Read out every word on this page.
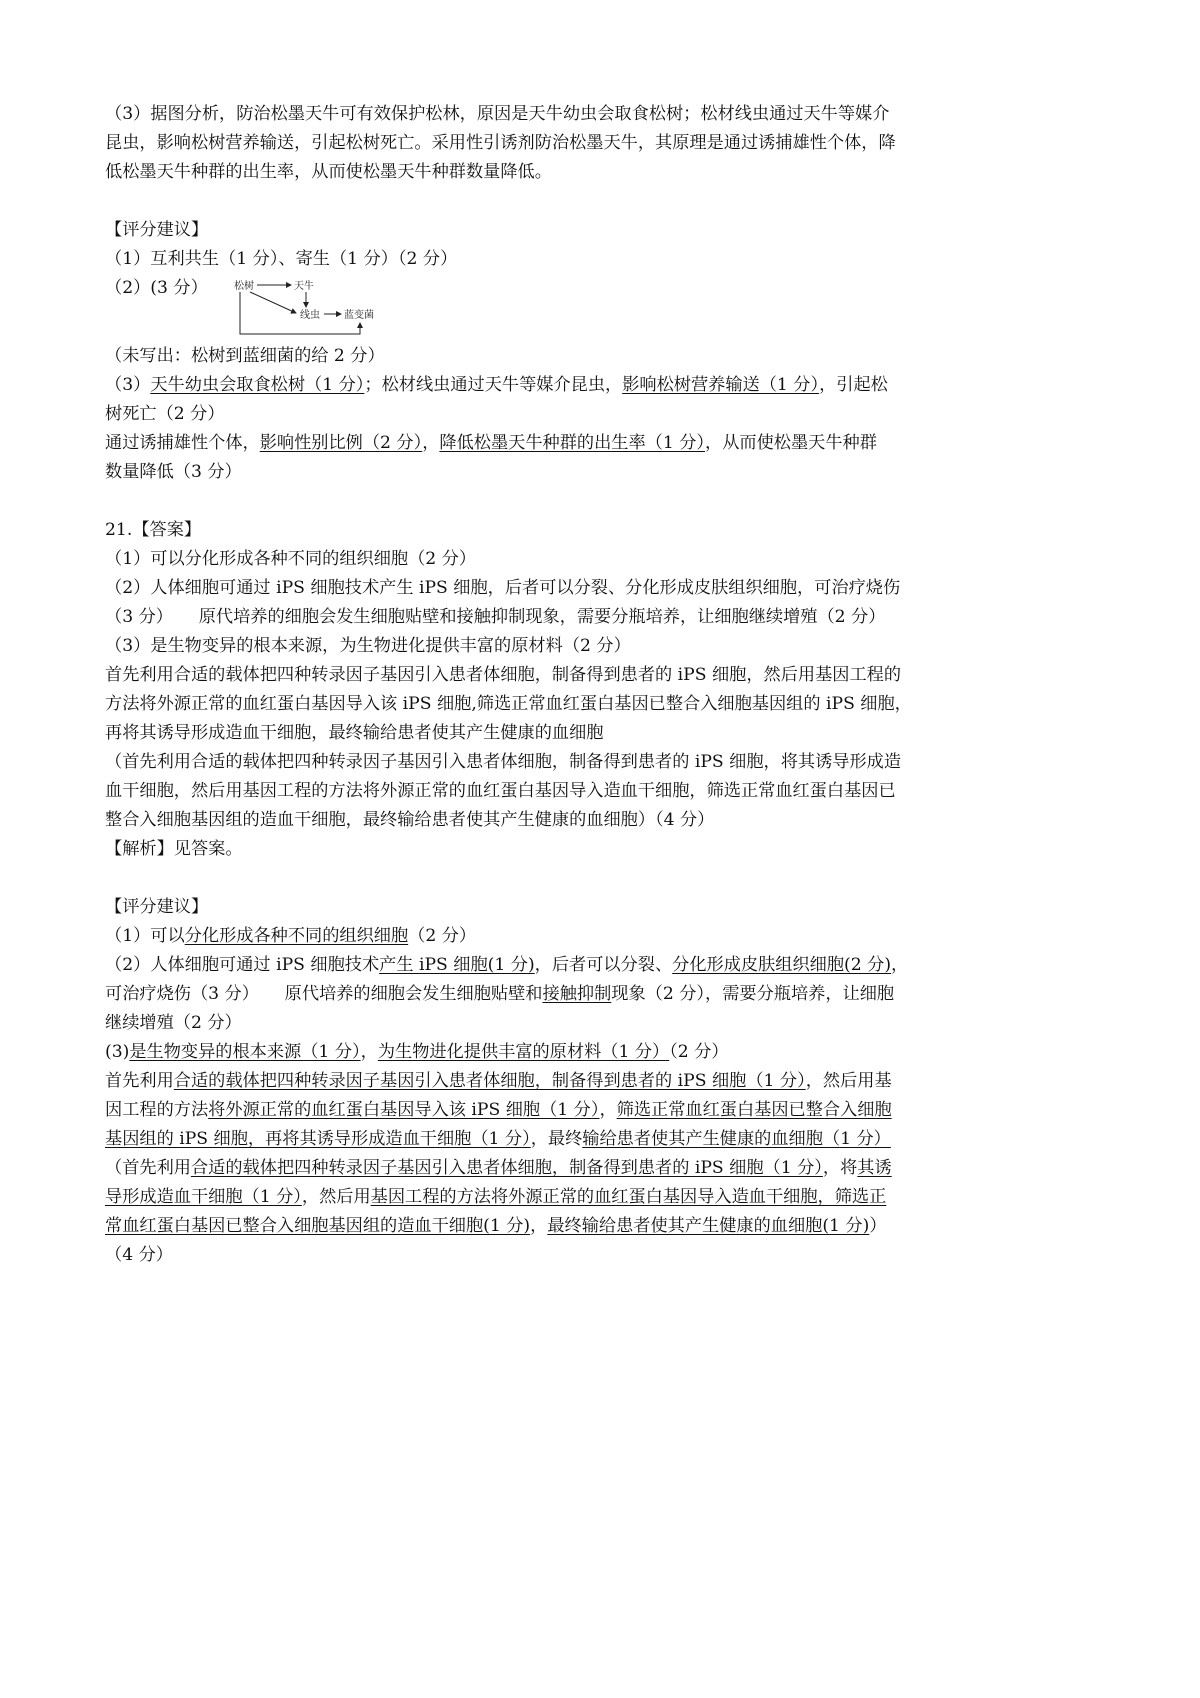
（3）据图分析，防治松墨天牛可有效保护松林，原因是天牛幼虫会取食松树；松材线虫通过天牛等媒介

昆虫，影响松树营养输送，引起松树死亡。采用性引诱剂防治松墨天牛，其原理是通过诱捕雄性个体，降

低松墨天牛种群的出生率，从而使松墨天牛种群数量降低。

【评分建议】

（1）互利共生（1 分）、寄生（1 分）（2 分）

（2）(3 分）	松树	天牛
线虫 蓝变菌

（未写出：松树到蓝细菌的给 2 分）

（3）天牛幼虫会取食松树（1 分）；松材线虫通过天牛等媒介昆虫，影响松树营养输送（1 分），引起松

树死亡（2 分）

通过诱捕雄性个体，影响性别比例（2 分），降低松墨天牛种群的出生率（1 分），从而使松墨天牛种群

数量降低（3 分）

21.【答案】

（1）可以分化形成各种不同的组织细胞（2 分）

（2）人体细胞可通过 iPS 细胞技术产生 iPS 细胞，后者可以分裂、分化形成皮肤组织细胞，可治疗烧伤

（3 分）　　原代培养的细胞会发生细胞贴壁和接触抑制现象，需要分瓶培养，让细胞继续增殖（2 分）

（3）是生物变异的根本来源，为生物进化提供丰富的原材料（2 分）

首先利用合适的载体把四种转录因子基因引入患者体细胞，制备得到患者的 iPS 细胞，然后用基因工程的

方法将外源正常的血红蛋白基因导入该 iPS 细胞,筛选正常血红蛋白基因已整合入细胞基因组的 iPS 细胞，

再将其诱导形成造血干细胞，最终输给患者使其产生健康的血细胞

（首先利用合适的载体把四种转录因子基因引入患者体细胞，制备得到患者的 iPS 细胞，将其诱导形成造

血干细胞，然后用基因工程的方法将外源正常的血红蛋白基因导入造血干细胞，筛选正常血红蛋白基因已

整合入细胞基因组的造血干细胞，最终输给患者使其产生健康的血细胞）（4 分）

【解析】见答案。

【评分建议】

（1）可以分化形成各种不同的组织细胞（2 分）

（2）人体细胞可通过 iPS 细胞技术产生 iPS 细胞(1 分)，后者可以分裂、分化形成皮肤组织细胞(2 分)，

可治疗烧伤（3 分）　　原代培养的细胞会发生细胞贴壁和接触抑制现象（2 分），需要分瓶培养，让细胞

继续增殖（2 分）

(3)是生物变异的根本来源（1 分），为生物进化提供丰富的原材料（1 分）（2 分）

首先利用合适的载体把四种转录因子基因引入患者体细胞，制备得到患者的 iPS 细胞（1 分），然后用基

因工程的方法将外源正常的血红蛋白基因导入该 iPS 细胞（1 分），筛选正常血红蛋白基因已整合入细胞

基因组的 iPS 细胞，再将其诱导形成造血干细胞（1 分），最终输给患者使其产生健康的血细胞（1 分）

（首先利用合适的载体把四种转录因子基因引入患者体细胞，制备得到患者的 iPS 细胞（1 分），将其诱

导形成造血干细胞（1 分），然后用基因工程的方法将外源正常的血红蛋白基因导入造血干细胞，筛选正

常血红蛋白基因已整合入细胞基因组的造血干细胞(1 分)，最终输给患者使其产生健康的血细胞(1 分)）

（4 分）
